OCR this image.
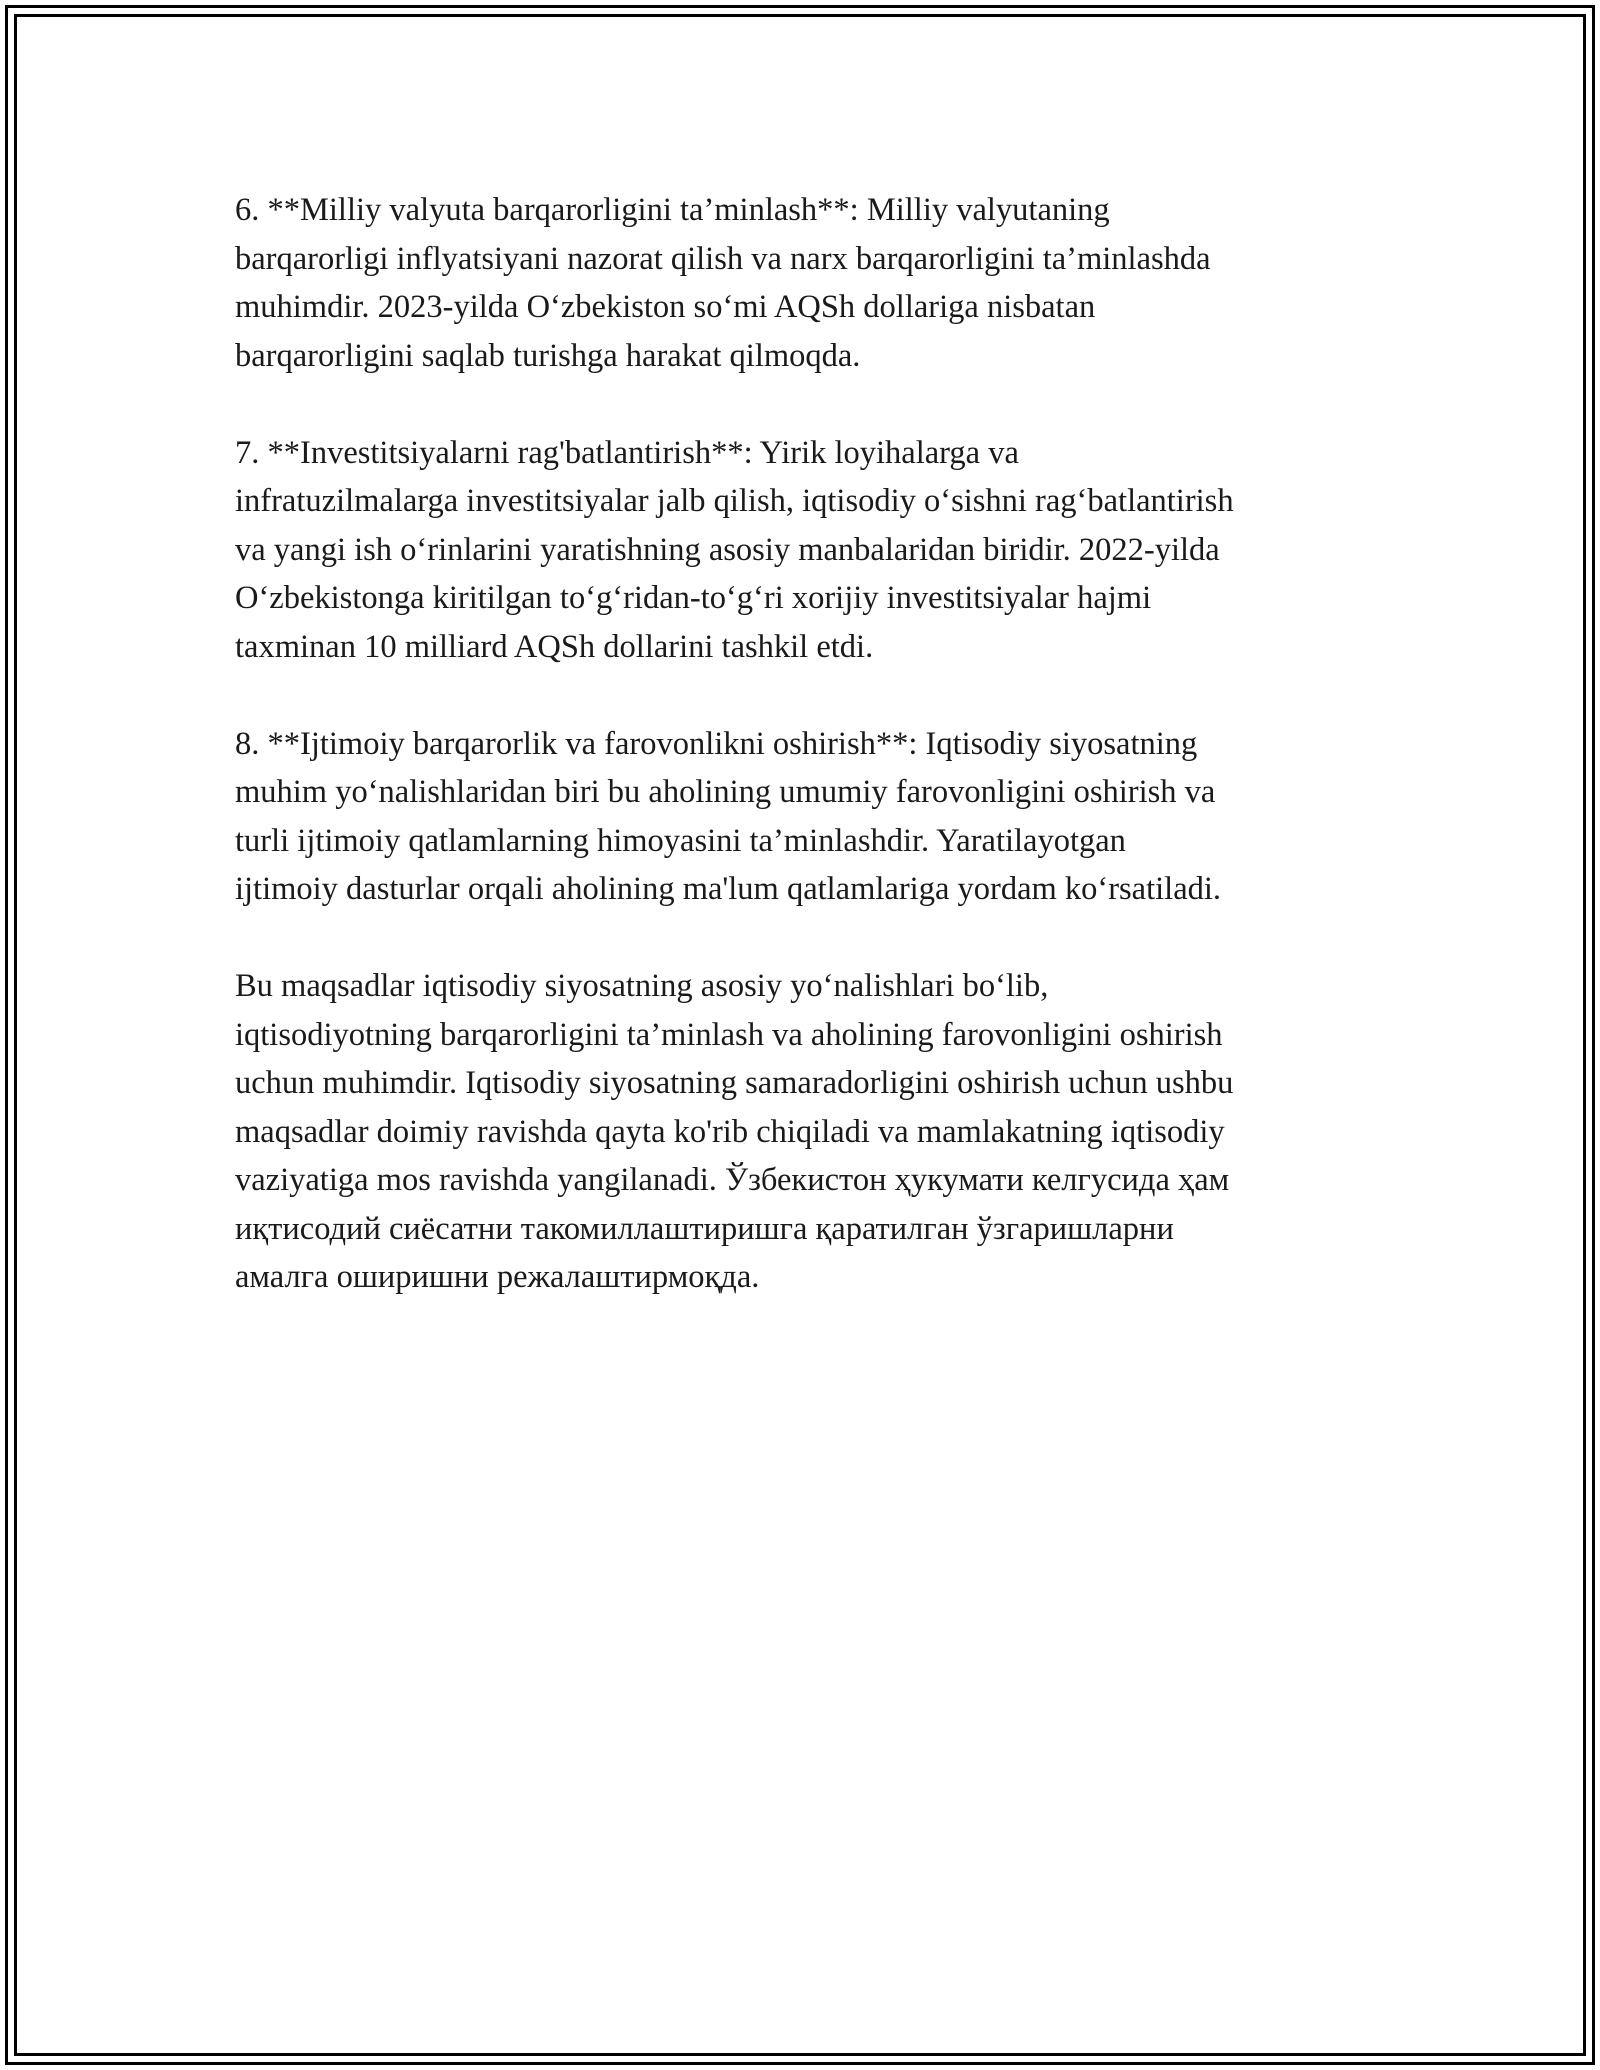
6. **Milliy valyuta barqarorligini ta’minlash**: Milliy valyutaning
barqarorligi inflyatsiyani nazorat qilish va narx barqarorligini ta’minlashda
muhimdir. 2023-yilda O‘zbekiston so‘mi AQSh dollariga nisbatan
barqarorligini saqlab turishga harakat qilmoqda.

7. **Investitsiyalarni rag'batlantirish**: Yirik loyihalarga va
infratuzilmalarga investitsiyalar jalb qilish, iqtisodiy o‘sishni rag‘batlantirish
va yangi ish o‘rinlarini yaratishning asosiy manbalaridan biridir. 2022-yilda
O‘zbekistonga kiritilgan to‘g‘ridan-to‘g‘ri xorijiy investitsiyalar hajmi
taxminan 10 milliard AQSh dollarini tashkil etdi.

8. **Ijtimoiy barqarorlik va farovonlikni oshirish**: Iqtisodiy siyosatning
muhim yo‘nalishlaridan biri bu aholining umumiy farovonligini oshirish va
turli ijtimoiy qatlamlarning himoyasini ta’minlashdir. Yaratilayotgan
ijtimoiy dasturlar orqali aholining ma'lum qatlamlariga yordam ko‘rsatiladi.

Bu maqsadlar iqtisodiy siyosatning asosiy yo‘nalishlari bo‘lib,
iqtisodiyotning barqarorligini ta’minlash va aholining farovonligini oshirish
uchun muhimdir. Iqtisodiy siyosatning samaradorligini oshirish uchun ushbu
maqsadlar doimiy ravishda qayta ko'rib chiqiladi va mamlakatning iqtisodiy
vaziyatiga mos ravishda yangilanadi. Ўзбекистон ҳукумати келгусида ҳам
иқтисодий сиёсатни такомиллаштиришга қаратилган ўзгаришларни
амалга оширишни режалаштирмоқда.
